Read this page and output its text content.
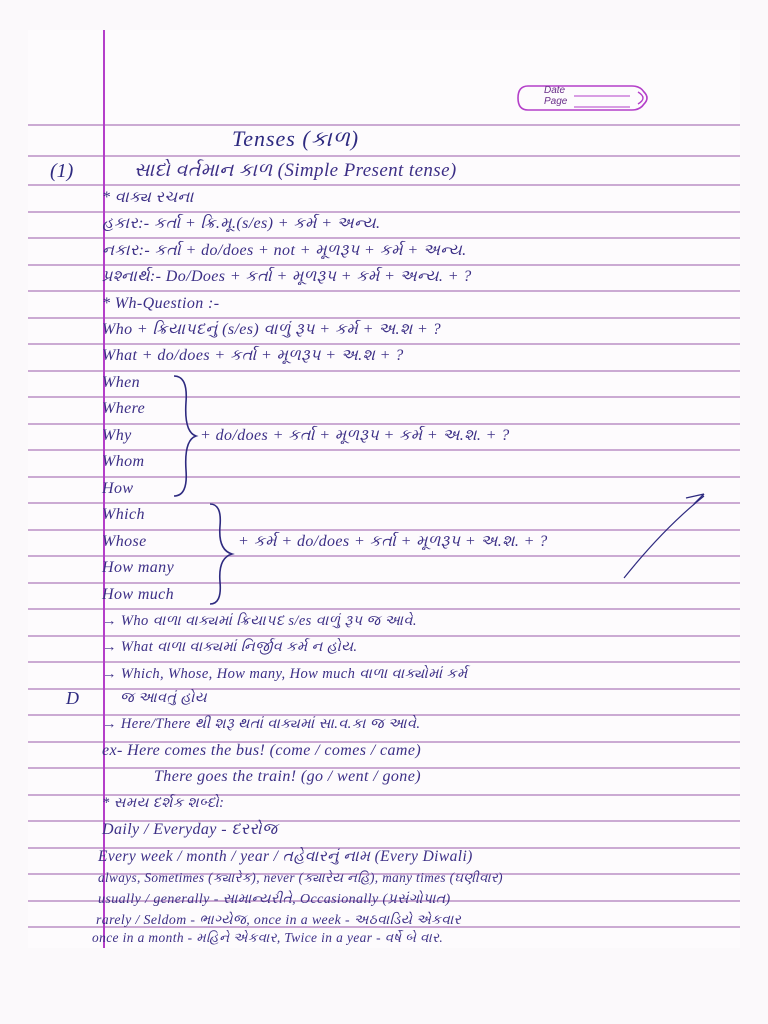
Date
Page
Tenses (કાળ)
(1)	સાદો વર્તમાન કાળ (Simple Present tense)
* વાક્ય રચના
હકાર:- કર્તા + ક્રિ.મૂ.(s/es) + કર્મ + અન્ય.
નકાર:- કર્તા + do/does + not + મૂળરૂપ + કર્મ + અન્ય.
પ્રશ્નાર્થ:- Do/Does + કર્તા + મૂળરૂપ + કર્મ + અન્ય. + ?
* Wh-Question :-
Who + ક્રિયાપદનું (s/es) વાળું રૂપ + કર્મ + અ.શ + ?
What + do/does + કર્તા + મૂળરૂપ + અ.શ + ?
When
Where
Why
Whom
How
+ do/does + કર્તા + મૂળરૂપ + કર્મ + અ.શ. + ?
Which
Whose
How many
How much
+ કર્મ + do/does + કર્તા + મૂળરૂપ + અ.શ. + ?
→ Who વાળા વાક્યમાં ક્રિયાપદ s/es વાળું રૂપ જ આવે.
→ What વાળા વાક્યમાં નિર્જીવ કર્મ ન હોય.
→ Which, Whose, How many, How much વાળા વાક્યોમાં કર્મ
D	જ આવતું હોય
→ Here/There થી શરૂ થતાં વાક્યમાં સા.વ.કા જ આવે.
ex- Here comes the bus! (come / comes / came)
There goes the train! (go / went / gone)
* સમય દર્શક શબ્દો:
Daily / Everyday - દરરોજ
Every week / month / year / તહેવારનું નામ (Every Diwali)
always, Sometimes (ક્યારેક), never (ક્યારેય નહિ), many times (ઘણીવાર)
usually / generally - સામાન્યરીતે, Occasionally (પ્રસંગોપાત)
rarely / Seldom - ભાગ્યેજ, once in a week - અઠવાડિયે એકવાર
once in a month - મહિને એકવાર, Twice in a year - વર્ષે બે વાર.
